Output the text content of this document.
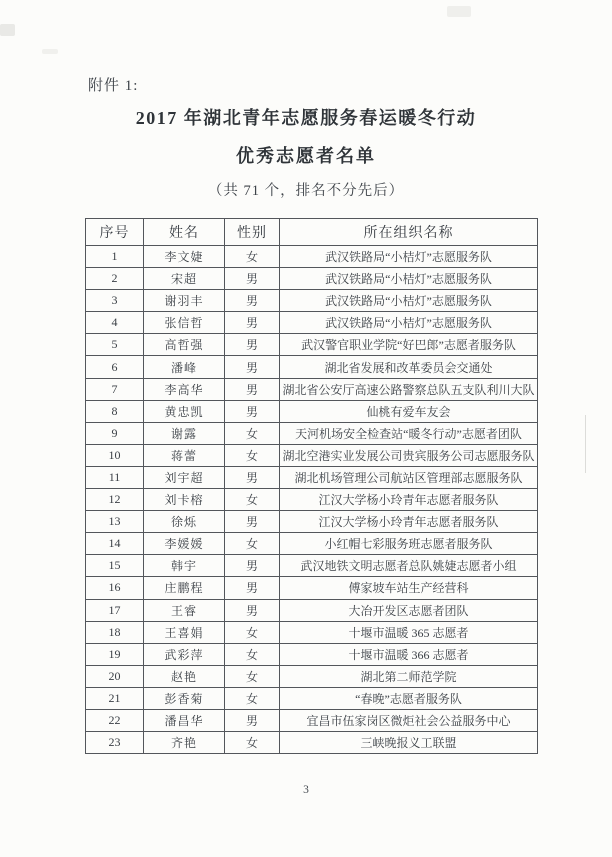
附件 1:
2017 年湖北青年志愿服务春运暖冬行动
优秀志愿者名单
（共 71 个，排名不分先后）
序号	姓名	性别	所在组织名称
1	李文婕	女	武汉铁路局“小桔灯”志愿服务队
2	宋超	男	武汉铁路局“小桔灯”志愿服务队
3	谢羽丰	男	武汉铁路局“小桔灯”志愿服务队
4	张信哲	男	武汉铁路局“小桔灯”志愿服务队
5	高哲强	男	武汉警官职业学院“好巴郎”志愿者服务队
6	潘峰	男	湖北省发展和改革委员会交通处
7	李高华	男	湖北省公安厅高速公路警察总队五支队利川大队
8	黄忠凯	男	仙桃有爱车友会
9	谢露	女	天河机场安全检查站“暖冬行动”志愿者团队
10	蒋蕾	女	湖北空港实业发展公司贵宾服务公司志愿服务队
11	刘宇超	男	湖北机场管理公司航站区管理部志愿服务队
12	刘卡榕	女	江汉大学杨小玲青年志愿者服务队
13	徐烁	男	江汉大学杨小玲青年志愿者服务队
14	李媛媛	女	小红帽七彩服务班志愿者服务队
15	韩宇	男	武汉地铁文明志愿者总队姚婕志愿者小组
16	庄鹏程	男	傅家坡车站生产经营科
17	王睿	男	大冶开发区志愿者团队
18	王喜娟	女	十堰市温暖 365 志愿者
19	武彩萍	女	十堰市温暖 366 志愿者
20	赵艳	女	湖北第二师范学院
21	彭香菊	女	“春晚”志愿者服务队
22	潘昌华	男	宜昌市伍家岗区微炬社会公益服务中心
23	齐艳	女	三峡晚报义工联盟
3
